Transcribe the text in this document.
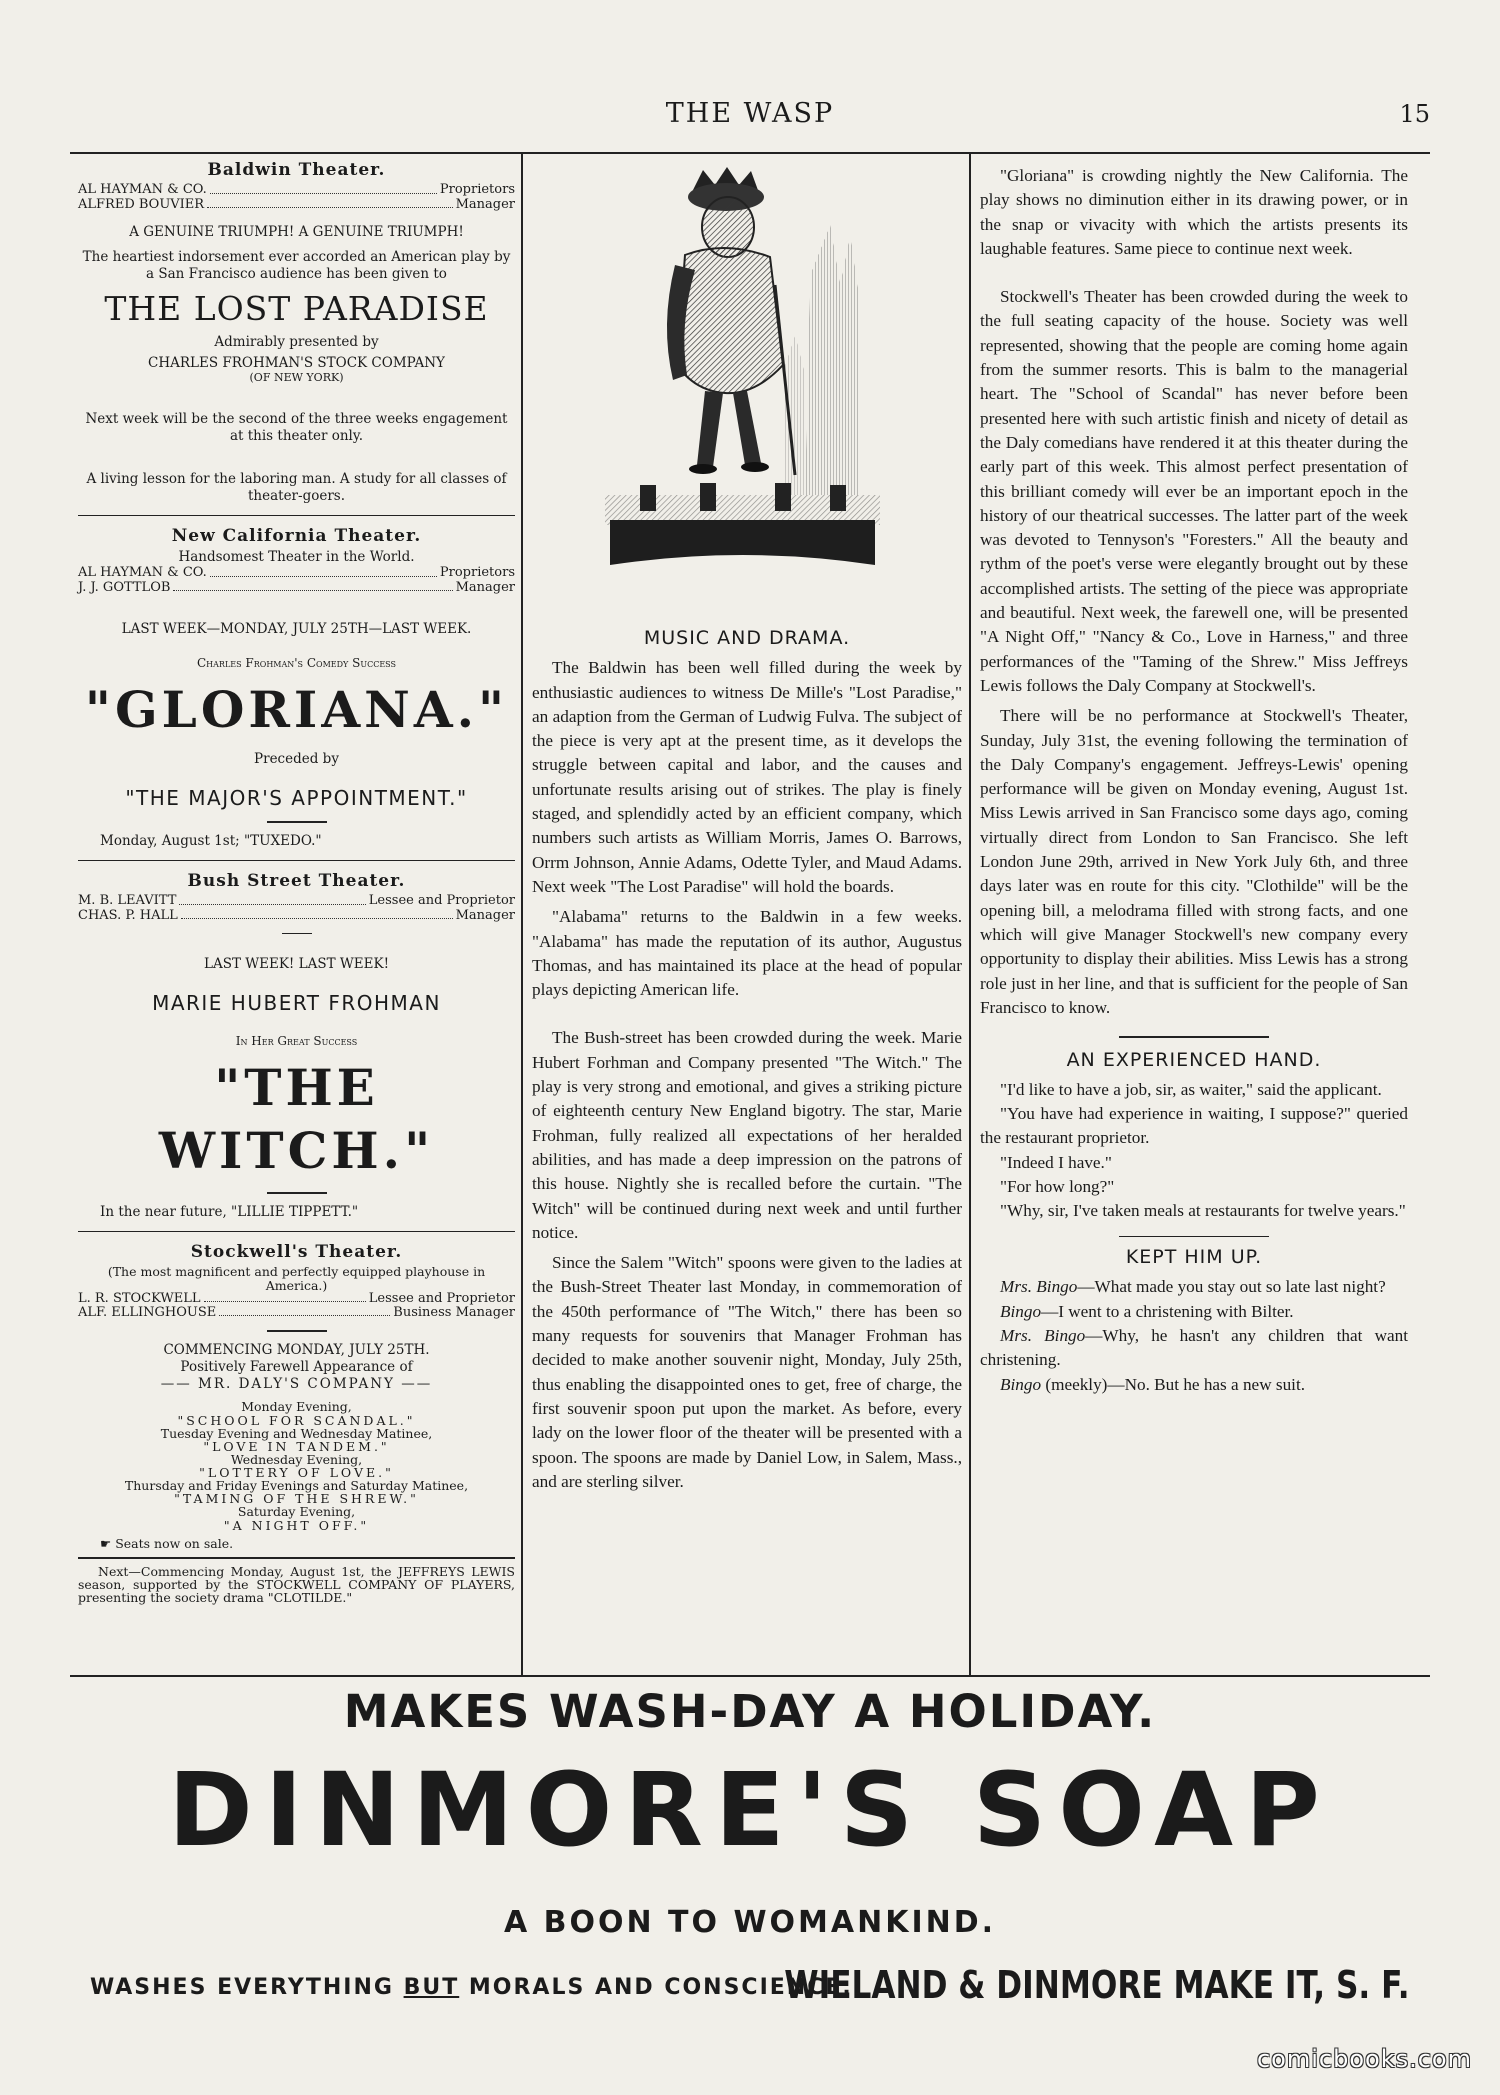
THE WASP	15
Baldwin Theater.
AL HAYMAN & CO.	Proprietors
ALFRED BOUVIER	Manager

A GENUINE TRIUMPH! A GENUINE TRIUMPH!

The heartiest indorsement ever accorded an American play by a San Francisco audience has been given to

THE LOST PARADISE

Admirably presented by

CHARLES FROHMAN'S STOCK COMPANY

(OF NEW YORK)

Next week will be the second of the three weeks engagement at this theater only.

A living lesson for the laboring man. A study for all classes of theater-goers.

New California Theater.

Handsomest Theater in the World.

AL HAYMAN & CO.	Proprietors
J. J. GOTTLOB	Manager

LAST WEEK—MONDAY, JULY 25TH—LAST WEEK.

Charles Frohman's Comedy Success

"GLORIANA."

Preceded by

"THE MAJOR'S APPOINTMENT."

Monday, August 1st; "TUXEDO."

Bush Street Theater.
M. B. LEAVITT	Lessee and Proprietor
CHAS. P. HALL	Manager

LAST WEEK! LAST WEEK!

MARIE HUBERT FROHMAN

In Her Great Success

"THE WITCH."

In the near future, "LILLIE TIPPETT."

Stockwell's Theater.

(The most magnificent and perfectly equipped playhouse in America.)

L. R. STOCKWELL	Lessee and Proprietor
ALF. ELLINGHOUSE	Business Manager

COMMENCING MONDAY, JULY 25TH.

Positively Farewell Appearance of

—— MR. DALY'S COMPANY ——

Monday Evening,

"SCHOOL FOR SCANDAL."

Tuesday Evening and Wednesday Matinee,

"LOVE IN TANDEM."

Wednesday Evening,

"LOTTERY OF LOVE."

Thursday and Friday Evenings and Saturday Matinee,

"TAMING OF THE SHREW."

Saturday Evening,

"A NIGHT OFF."

☛ Seats now on sale.

Next—Commencing Monday, August 1st, the JEFFREYS LEWIS season, supported by the STOCKWELL COMPANY OF PLAYERS, presenting the society drama "CLOTILDE."

MUSIC AND DRAMA.

The Baldwin has been well filled during the week by enthusiastic audiences to witness De Mille's "Lost Paradise," an adaption from the German of Ludwig Fulva. The subject of the piece is very apt at the present time, as it develops the struggle between capital and labor, and the causes and unfortunate results arising out of strikes. The play is finely staged, and splendidly acted by an efficient company, which numbers such artists as William Morris, James O. Barrows, Orrm Johnson, Annie Adams, Odette Tyler, and Maud Adams. Next week "The Lost Paradise" will hold the boards.

"Alabama" returns to the Baldwin in a few weeks. "Alabama" has made the reputation of its author, Augustus Thomas, and has maintained its place at the head of popular plays depicting American life.

The Bush-street has been crowded during the week. Marie Hubert Forhman and Company presented "The Witch." The play is very strong and emotional, and gives a striking picture of eighteenth century New England bigotry. The star, Marie Frohman, fully realized all expectations of her heralded abilities, and has made a deep impression on the patrons of this house. Nightly she is recalled before the curtain. "The Witch" will be continued during next week and until further notice.

Since the Salem "Witch" spoons were given to the ladies at the Bush-Street Theater last Monday, in commemoration of the 450th performance of "The Witch," there has been so many requests for souvenirs that Manager Frohman has decided to make another souvenir night, Monday, July 25th, thus enabling the disappointed ones to get, free of charge, the first souvenir spoon put upon the market. As before, every lady on the lower floor of the theater will be presented with a spoon. The spoons are made by Daniel Low, in Salem, Mass., and are sterling silver.

"Gloriana" is crowding nightly the New California. The play shows no diminution either in its drawing power, or in the snap or vivacity with which the artists presents its laughable features. Same piece to continue next week.

Stockwell's Theater has been crowded during the week to the full seating capacity of the house. Society was well represented, showing that the people are coming home again from the summer resorts. This is balm to the managerial heart. The "School of Scandal" has never before been presented here with such artistic finish and nicety of detail as the Daly comedians have rendered it at this theater during the early part of this week. This almost perfect presentation of this brilliant comedy will ever be an important epoch in the history of our theatrical successes. The latter part of the week was devoted to Tennyson's "Foresters." All the beauty and rythm of the poet's verse were elegantly brought out by these accomplished artists. The setting of the piece was appropriate and beautiful. Next week, the farewell one, will be presented "A Night Off," "Nancy & Co., Love in Harness," and three performances of the "Taming of the Shrew." Miss Jeffreys Lewis follows the Daly Company at Stockwell's.

There will be no performance at Stockwell's Theater, Sunday, July 31st, the evening following the termination of the Daly Company's engagement. Jeffreys-Lewis' opening performance will be given on Monday evening, August 1st. Miss Lewis arrived in San Francisco some days ago, coming virtually direct from London to San Francisco. She left London June 29th, arrived in New York July 6th, and three days later was en route for this city. "Clothilde" will be the opening bill, a melodrama filled with strong facts, and one which will give Manager Stockwell's new company every opportunity to display their abilities. Miss Lewis has a strong role just in her line, and that is sufficient for the people of San Francisco to know.

AN EXPERIENCED HAND.

"I'd like to have a job, sir, as waiter," said the applicant.

"You have had experience in waiting, I suppose?" queried the restaurant proprietor.

"Indeed I have."

"For how long?"

"Why, sir, I've taken meals at restaurants for twelve years."

KEPT HIM UP.

Mrs. Bingo—What made you stay out so late last night?

Bingo—I went to a christening with Bilter.

Mrs. Bingo—Why, he hasn't any children that want christening.

Bingo (meekly)—No. But he has a new suit.

MAKES WASH-DAY A HOLIDAY.
DINMORE'S SOAP
A BOON TO WOMANKIND.
WASHES EVERYTHING BUT MORALS AND CONSCIENCE.
WIELAND & DINMORE MAKE IT, S. F.
comicbooks.com
